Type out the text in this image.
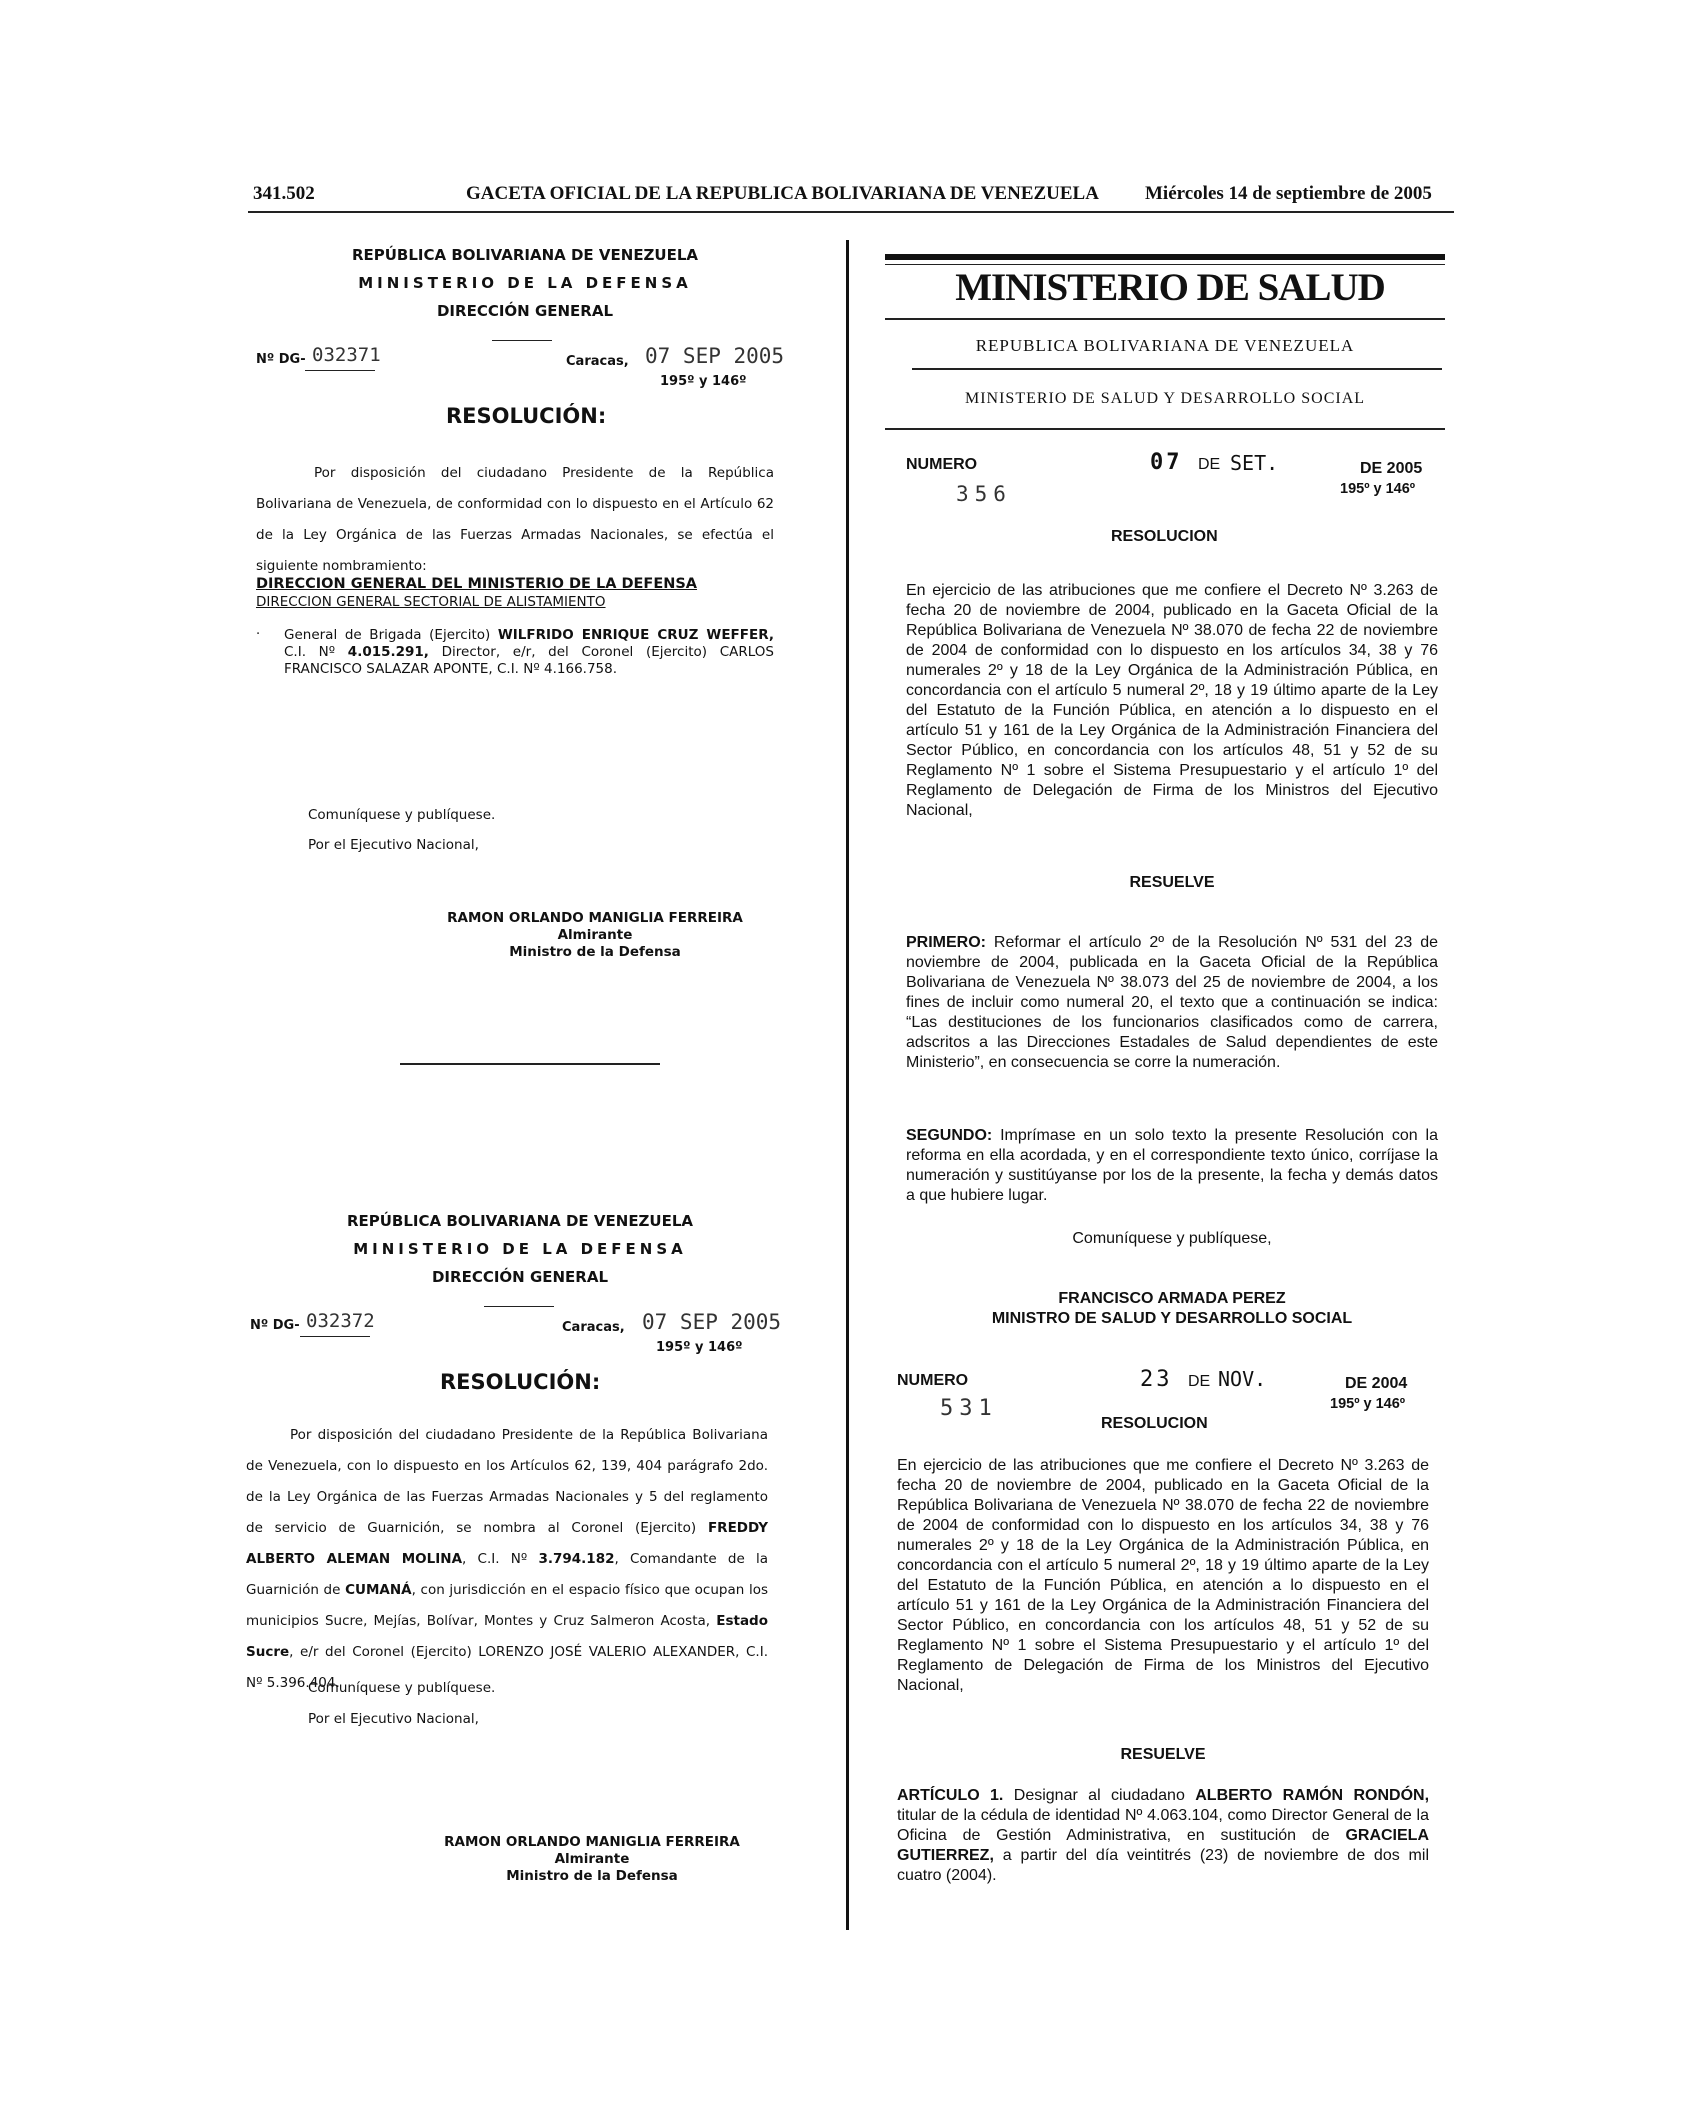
341.502	GACETA OFICIAL DE LA REPUBLICA BOLIVARIANA DE VENEZUELA Miércoles 14 de septiembre de 2005
REPÚBLICA BOLIVARIANA DE VENEZUELA
MINISTERIO DE LA DEFENSA
DIRECCIÓN GENERAL
Nº DG- 032371	Caracas, 07 SEP 2005
195º y 146º
RESOLUCIÓN:
Por disposición del ciudadano Presidente de la República Bolivariana de Venezuela, de conformidad con lo dispuesto en el Artículo 62 de la Ley Orgánica de las Fuerzas Armadas Nacionales, se efectúa el siguiente nombramiento:
DIRECCION GENERAL DEL MINISTERIO DE LA DEFENSA
DIRECCION GENERAL SECTORIAL DE ALISTAMIENTO
· General de Brigada (Ejercito) WILFRIDO ENRIQUE CRUZ WEFFER, C.I. Nº 4.015.291, Director, e/r, del Coronel (Ejercito) CARLOS FRANCISCO SALAZAR APONTE, C.I. Nº 4.166.758.
Comuníquese y publíquese.
Por el Ejecutivo Nacional,
RAMON ORLANDO MANIGLIA FERREIRA
Almirante
Ministro de la Defensa
REPÚBLICA BOLIVARIANA DE VENEZUELA
MINISTERIO DE LA DEFENSA
DIRECCIÓN GENERAL
Nº DG- 032372	Caracas, 07 SEP 2005
195º y 146º
RESOLUCIÓN:
Por disposición del ciudadano Presidente de la República Bolivariana de Venezuela, con lo dispuesto en los Artículos 62, 139, 404 parágrafo 2do. de la Ley Orgánica de las Fuerzas Armadas Nacionales y 5 del reglamento de servicio de Guarnición, se nombra al Coronel (Ejercito) FREDDY ALBERTO ALEMAN MOLINA, C.I. Nº 3.794.182, Comandante de la Guarnición de CUMANÁ, con jurisdicción en el espacio físico que ocupan los municipios Sucre, Mejías, Bolívar, Montes y Cruz Salmeron Acosta, Estado Sucre, e/r del Coronel (Ejercito) LORENZO JOSÉ VALERIO ALEXANDER, C.I. Nº 5.396.404.
Comuníquese y publíquese.
Por el Ejecutivo Nacional,
RAMON ORLANDO MANIGLIA FERREIRA
Almirante
Ministro de la Defensa
MINISTERIO DE SALUD
REPUBLICA BOLIVARIANA DE VENEZUELA
MINISTERIO DE SALUD Y DESARROLLO SOCIAL
NUMERO
356
07 DE SET.	DE 2005
195º y 146º
RESOLUCION
En ejercicio de las atribuciones que me confiere el Decreto Nº 3.263 de fecha 20 de noviembre de 2004, publicado en la Gaceta Oficial de la República Bolivariana de Venezuela Nº 38.070 de fecha 22 de noviembre de 2004 de conformidad con lo dispuesto en los artículos 34, 38 y 76 numerales 2º y 18 de la Ley Orgánica de la Administración Pública, en concordancia con el artículo 5 numeral 2º, 18 y 19 último aparte de la Ley del Estatuto de la Función Pública, en atención a lo dispuesto en el artículo 51 y 161 de la Ley Orgánica de la Administración Financiera del Sector Público, en concordancia con los artículos 48, 51 y 52 de su Reglamento Nº 1 sobre el Sistema Presupuestario y el artículo 1º del Reglamento de Delegación de Firma de los Ministros del Ejecutivo Nacional,
RESUELVE
PRIMERO: Reformar el artículo 2º de la Resolución Nº 531 del 23 de noviembre de 2004, publicada en la Gaceta Oficial de la República Bolivariana de Venezuela Nº 38.073 del 25 de noviembre de 2004, a los fines de incluir como numeral 20, el texto que a continuación se indica: “Las destituciones de los funcionarios clasificados como de carrera, adscritos a las Direcciones Estadales de Salud dependientes de este Ministerio”, en consecuencia se corre la numeración.
SEGUNDO: Imprímase en un solo texto la presente Resolución con la reforma en ella acordada, y en el correspondiente texto único, corríjase la numeración y sustitúyanse por los de la presente, la fecha y demás datos a que hubiere lugar.
Comuníquese y publíquese,
FRANCISCO ARMADA PEREZ
MINISTRO DE SALUD Y DESARROLLO SOCIAL
NUMERO
531
23 DE NOV.	DE 2004
195º y 146º
RESOLUCION
En ejercicio de las atribuciones que me confiere el Decreto Nº 3.263 de fecha 20 de noviembre de 2004, publicado en la Gaceta Oficial de la República Bolivariana de Venezuela Nº 38.070 de fecha 22 de noviembre de 2004 de conformidad con lo dispuesto en los artículos 34, 38 y 76 numerales 2º y 18 de la Ley Orgánica de la Administración Pública, en concordancia con el artículo 5 numeral 2º, 18 y 19 último aparte de la Ley del Estatuto de la Función Pública, en atención a lo dispuesto en el artículo 51 y 161 de la Ley Orgánica de la Administración Financiera del Sector Público, en concordancia con los artículos 48, 51 y 52 de su Reglamento Nº 1 sobre el Sistema Presupuestario y el artículo 1º del Reglamento de Delegación de Firma de los Ministros del Ejecutivo Nacional,
RESUELVE
ARTÍCULO 1. Designar al ciudadano ALBERTO RAMÓN RONDÓN, titular de la cédula de identidad Nº 4.063.104, como Director General de la Oficina de Gestión Administrativa, en sustitución de GRACIELA GUTIERREZ, a partir del día veintitrés (23) de noviembre de dos mil cuatro (2004).
